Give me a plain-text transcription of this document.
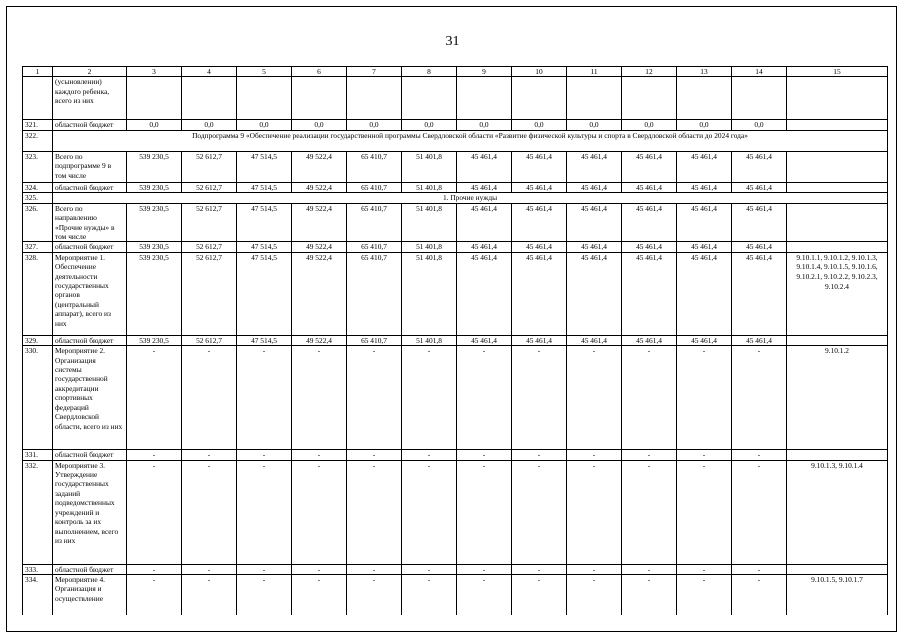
31
1	2	3	4	5	6	7	8	9	10	11	12	13	14	15
	(усыновлении) каждого ребенка, всего из них													
321.	областной бюджет	0,0	0,0	0,0	0,0	0,0	0,0	0,0	0,0	0,0	0,0	0,0	0,0	
322.	Подпрограмма 9 «Обеспечение реализации государственной программы Свердловской области «Развитие физической культуры и спорта в Свердловской области до 2024 года»													
323.	Всего по подпрограмме 9 в том числе	539 230,5	52 612,7	47 514,5	49 522,4	65 410,7	51 401,8	45 461,4	45 461,4	45 461,4	45 461,4	45 461,4	45 461,4	
324.	областной бюджет	539 230,5	52 612,7	47 514,5	49 522,4	65 410,7	51 401,8	45 461,4	45 461,4	45 461,4	45 461,4	45 461,4	45 461,4	
325.	1. Прочие нужды													
326.	Всего по направлению «Прочие нужды» в том числе	539 230,5	52 612,7	47 514,5	49 522,4	65 410,7	51 401,8	45 461,4	45 461,4	45 461,4	45 461,4	45 461,4	45 461,4	
327.	областной бюджет	539 230,5	52 612,7	47 514,5	49 522,4	65 410,7	51 401,8	45 461,4	45 461,4	45 461,4	45 461,4	45 461,4	45 461,4	
328.	Мероприятие 1. Обеспечение деятельности государственных органов (центральный аппарат), всего из них	539 230,5	52 612,7	47 514,5	49 522,4	65 410,7	51 401,8	45 461,4	45 461,4	45 461,4	45 461,4	45 461,4	45 461,4	9.10.1.1, 9.10.1.2, 9.10.1.3, 9.10.1.4, 9.10.1.5, 9.10.1.6, 9.10.2.1, 9.10.2.2, 9.10.2.3, 9.10.2.4
329.	областной бюджет	539 230,5	52 612,7	47 514,5	49 522,4	65 410,7	51 401,8	45 461,4	45 461,4	45 461,4	45 461,4	45 461,4	45 461,4	
330.	Мероприятие 2. Организация системы государственной аккредитации спортивных федераций Свердловской области, всего из них	-	-	-	-	-	-	-	-	-	-	-	-	9.10.1.2
331.	областной бюджет	-	-	-	-	-	-	-	-	-	-	-	-	
332.	Мероприятие 3. Утверждение государственных заданий подведомственных учреждений и контроль за их выполнением, всего из них	-	-	-	-	-	-	-	-	-	-	-	-	9.10.1.3, 9.10.1.4
333.	областной бюджет	-	-	-	-	-	-	-	-	-	-	-	-	
334.	Мероприятие 4. Организация и осуществление	-	-	-	-	-	-	-	-	-	-	-	-	9.10.1.5, 9.10.1.7
